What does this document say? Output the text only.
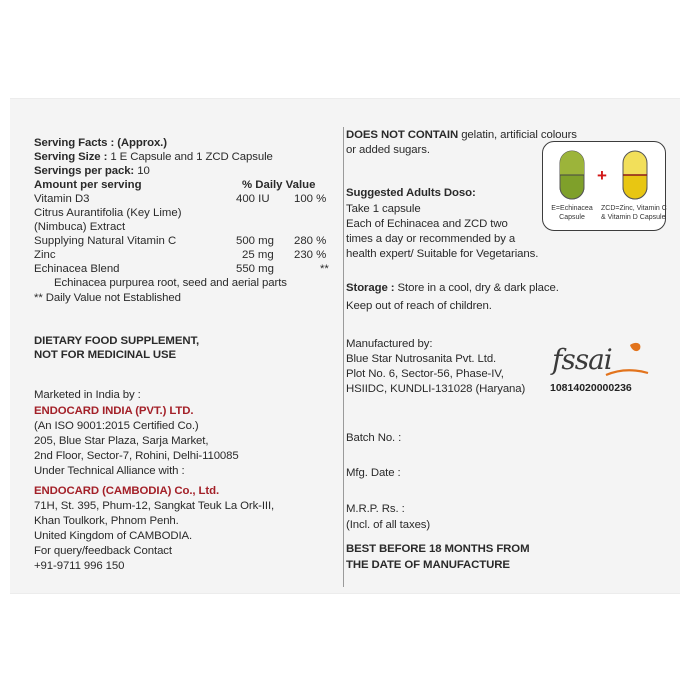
Serving Facts : (Approx.)
Serving Size : 1 E Capsule and 1 ZCD Capsule
Servings per pack: 10
Amount per serving	% Daily Value
Vitamin D3	400 IU 100 %
Citrus Aurantifolia (Key Lime)
(Nimbuca) Extract
Supplying Natural Vitamin C	500 mg 280 %
Zinc	25 mg 230 %
Echinacea Blend	550 mg	**
Echinacea purpurea root, seed and aerial parts
** Daily Value not Established
DIETARY FOOD SUPPLEMENT,
NOT FOR MEDICINAL USE
Marketed in India by :
ENDOCARD INDIA (PVT.) LTD.
(An ISO 9001:2015 Certified Co.)
205, Blue Star Plaza, Sarja Market,
2nd Floor, Sector-7, Rohini, Delhi-110085
Under Technical Alliance with :
ENDOCARD (CAMBODIA) Co., Ltd.
71H, St. 395, Phum-12, Sangkat Teuk La Ork-III,
Khan Toulkork, Phnom Penh.
United Kingdom of CAMBODIA.
For query/feedback Contact
+91-9711 996 150
DOES NOT CONTAIN gelatin, artificial colours
or added sugars.
Suggested Adults Doso:
Take 1 capsule
Each of Echinacea and ZCD two
times a day or recommended by a
health expert/ Suitable for Vegetarians.
+
E=Echinacea
Capsule
ZCD=Zinc, Vitamin C
& Vitamin D Capsule
Storage : Store in a cool, dry & dark place.
Keep out of reach of children.
Manufactured by:
Blue Star Nutrosanita Pvt. Ltd.
Plot No. 6, Sector-56, Phase-IV,
HSIIDC, KUNDLI-131028 (Haryana)
fssai
10814020000236
Batch No. :
Mfg. Date :
M.R.P. Rs. :
(Incl. of all taxes)
BEST BEFORE 18 MONTHS FROM
THE DATE OF MANUFACTURE
